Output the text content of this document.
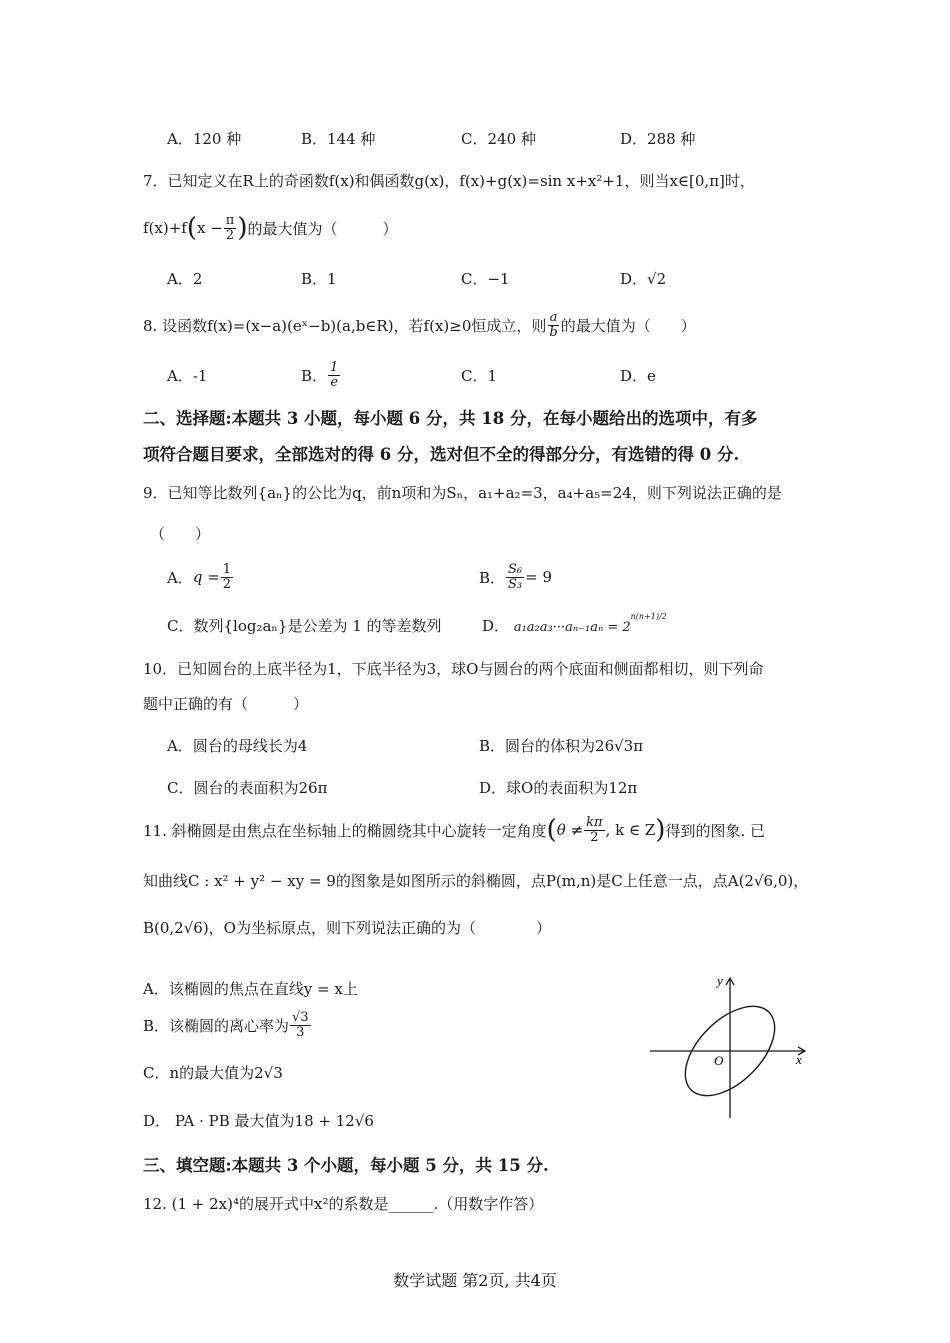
A．120 种	B．144 种	C．240 种	D．288 种
7．已知定义在R上的奇函数f(x)和偶函数g(x)，f(x)+g(x)=sin x+x²+1，则当x∈[0,π]时，
f(x)+f ( $x - \frac{\pi}{2}$ ) 的最大值为（　　　）
A．2	B．1	C．−1	D．√2
8. 设函数f(x)=(x−a)(eˣ−b)(a,b∈R)，若f(x)≥0恒成立，则 $\frac{a}{b}$ 的最大值为（　　）
A．-1	B． $\frac{1}{e}$	C．1	D．e
二、选择题:本题共 3 小题，每小题 6 分，共 18 分，在每小题给出的选项中，有多
项符合题目要求，全部选对的得 6 分，选对但不全的得部分分，有选错的得 0 分.
9．已知等比数列{aₙ}的公比为q，前n项和为Sₙ，a₁+a₂=3，a₄+a₅=24，则下列说法正确的是
（　　）
A． $q = \frac{1}{2}$	B． $\frac{\text{S₆}}{\text{S₃}} = 9$
C．数列{log₂aₙ}是公差为 1 的等差数列	D． $a_1a_2a_3\cdot\cdot\cdot a_{n-1}a_n = 2^{n(n+1)/2}$
10．已知圆台的上底半径为1，下底半径为3，球O与圆台的两个底面和侧面都相切，则下列命
题中正确的有（　　　）
A．圆台的母线长为4	B．圆台的体积为26√3π
C．圆台的表面积为26π	D．球O的表面积为12π
11. 斜椭圆是由焦点在坐标轴上的椭圆绕其中心旋转一定角度 ( $\theta \ne \frac{k\pi}{2}$ , k ∈ Z ) 得到的图象. 已
知曲线C : x² + y² − xy = 9的图象是如图所示的斜椭圆，点P(m,n)是C上任意一点，点A(2√6,0)，
B(0,2√6)，O为坐标原点，则下列说法正确的为（　　　　）
A．该椭圆的焦点在直线y = x上
B．该椭圆的离心率为 $\frac{√3}{3}$
C．n的最大值为2√3
D． PA · PB 最大值为18 + 12√6
y
x
O
三、填空题:本题共 3 个小题，每小题 5 分，共 15 分.
12. (1 + 2x)⁴的展开式中x²的系数是______.（用数字作答）
数学试题 第2页, 共4页
